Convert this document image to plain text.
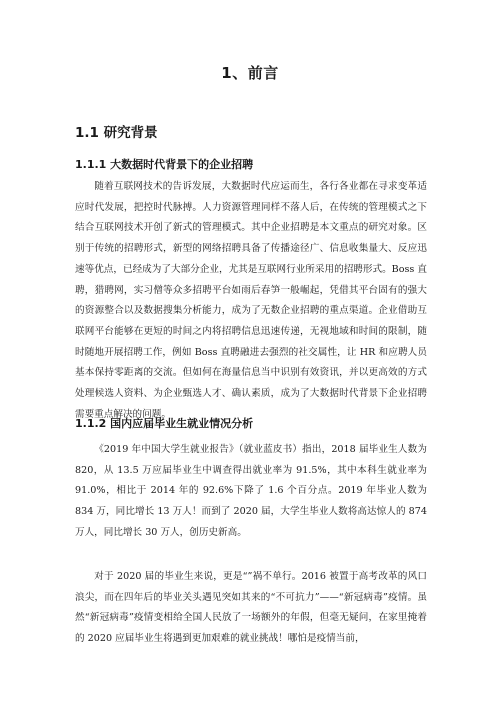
1、前言
1.1 研究背景
1.1.1 大数据时代背景下的企业招聘

随着互联网技术的告诉发展，大数据时代应运而生，各行各业都在寻求变革适应时代发展，把控时代脉搏。人力资源管理同样不落人后，在传统的管理模式之下结合互联网技术开创了新式的管理模式。其中企业招聘是本文重点的研究对象。区别于传统的招聘形式，新型的网络招聘具备了传播途径广、信息收集量大、反应迅速等优点，已经成为了大部分企业，尤其是互联网行业所采用的招聘形式。Boss 直聘，猎聘网，实习僧等众多招聘平台如雨后春笋一般崛起，凭借其平台固有的强大的资源整合以及数据搜集分析能力，成为了无数企业招聘的重点渠道。企业借助互联网平台能够在更短的时间之内将招聘信息迅速传递，无视地域和时间的限制，随时随地开展招聘工作，例如 Boss 直聘融进去强烈的社交属性，让 HR 和应聘人员基本保持零距离的交流。但如何在海量信息当中识别有效资讯，并以更高效的方式处理候选人资料、为企业甄选人才、确认素质，成为了大数据时代背景下企业招聘需要重点解决的问题。

1.1.2 国内应届毕业生就业情况分析

《2019 年中国大学生就业报告》（就业蓝皮书）指出，2018 届毕业生人数为 820，从 13.5 万应届毕业生中调查得出就业率为 91.5%，其中本科生就业率为 91.0%，相比于 2014 年的 92.6%下降了 1.6 个百分点。2019 年毕业人数为 834 万，同比增长 13 万人！而到了 2020 届，大学生毕业人数将高达惊人的 874 万人，同比增长 30 万人，创历史新高。

对于 2020 届的毕业生来说，更是“”祸不单行。2016 被置于高考改革的风口浪尖，而在四年后的毕业关头遇见突如其来的“不可抗力”——“新冠病毒”疫情。虽然“新冠病毒”疫情变相给全国人民放了一场额外的年假，但毫无疑问，在家里掩着的 2020 应届毕业生将遇到更加艰难的就业挑战！哪怕是疫情当前，
